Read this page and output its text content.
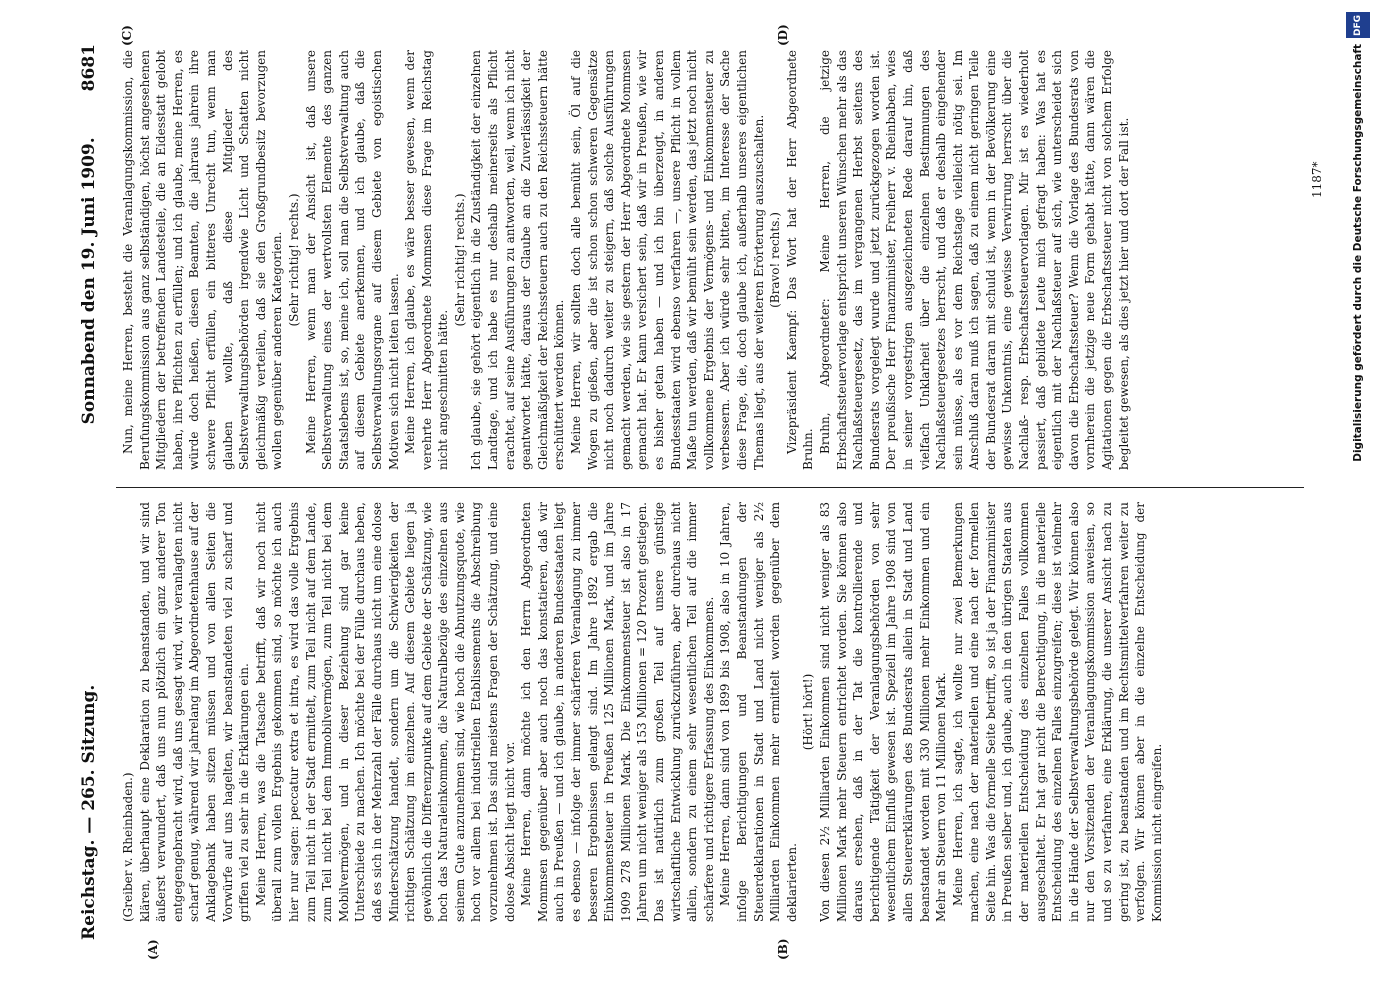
Reichstag. — 265. Sitzung.
Sonnabend den 19. Juni 1909.
8681
(A)	(B)
(C)	(D)

(Greiber v. Rheinbaden.) klären, überhaupt eine Deklaration zu beanstanden, und wir sind äußerst verwundert, daß uns nun plötzlich ein ganz anderer Ton entgegengebracht wird, daß uns gesagt wird, wir veranlagten nicht scharf genug, während wir jahrelang im Abgeordnetenhause auf der Anklagebank haben sitzen müssen und von allen Seiten die Vorwürfe auf uns hagelten, wir beanstandeten viel zu scharf und griffen viel zu sehr in die Erklärungen ein. Meine Herren, was die Tatsache betrifft, daß wir noch nicht überall zum vollen Ergebnis gekommen sind, so möchte ich auch hier nur sagen: peccatur extra et intra, es wird das volle Ergebnis zum Teil nicht in der Stadt ermittelt, zum Teil nicht auf dem Lande, zum Teil nicht bei dem Immobilvermögen, zum Teil nicht bei dem Mobilvermögen, und in dieser Beziehung sind gar keine Unterschiede zu machen. Ich möchte bei der Fülle durchaus heben, daß es sich in der Mehrzahl der Fälle durchaus nicht um eine dolose Minderschätzung handelt, sondern um die Schwierigkeiten der richtigen Schätzung im einzelnen. Auf diesem Gebiete liegen ja gewöhnlich die Differenzpunkte auf dem Gebiete der Schätzung, wie hoch das Naturaleinkommen, die Naturalbezüge des einzelnen aus seinem Gute anzunehmen sind, wie hoch die Abnutzungsquote, wie hoch vor allem bei industriellen Etablissements die Abschreibung vorzunehmen ist. Das sind meistens Fragen der Schätzung, und eine dolose Absicht liegt nicht vor. Meine Herren, dann möchte ich den Herrn Abgeordneten Mommsen gegenüber aber auch noch das konstatieren, daß wir auch in Preußen — und ich glaube, in anderen Bundesstaaten liegt es ebenso — infolge der immer schärferen Veranlagung zu immer besseren Ergebnissen gelangt sind. Im Jahre 1892 ergab die Einkommensteuer in Preußen 125 Millionen Mark, und im Jahre 1909 278 Millionen Mark. Die Einkommensteuer ist also in 17 Jahren um nicht weniger als 153 Millionen = 120 Prozent gestiegen. Das ist natürlich zum großen Teil auf unsere günstige wirtschaftliche Entwicklung zurückzuführen, aber durchaus nicht allein, sondern zu einem sehr wesentlichen Teil auf die immer schärfere und richtigere Erfassung des Einkommens. Meine Herren, dann sind von 1899 bis 1908, also in 10 Jahren, infolge Berichtigungen und Beanstandungen der Steuerdeklarationen in Stadt und Land nicht weniger als 2½ Milliarden Einkommen mehr ermittelt worden gegenüber dem deklarierten.

(Hört! hört!) Von diesen 2½ Milliarden Einkommen sind nicht weniger als 83 Millionen Mark mehr Steuern entrichtet worden. Sie können also daraus ersehen, daß in der Tat die kontrollierende und berichtigende Tätigkeit der Veranlagungsbehörden von sehr wesentlichem Einfluß gewesen ist. Speziell im Jahre 1908 sind von allen Steuererklärungen des Bundesrats allein in Stadt und Land beanstandet worden mit 330 Millionen mehr Einkommen und ein Mehr an Steuern von 11 Millionen Mark. Meine Herren, ich sagte, ich wollte nur zwei Bemerkungen machen, eine nach der materiellen und eine nach der formellen Seite hin. Was die formelle Seite betrifft, so ist ja der Finanzminister in Preußen selber und, ich glaube, auch in den übrigen Staaten aus der materiellen Entscheidung des einzelnen Falles vollkommen ausgeschaltet. Er hat gar nicht die Berechtigung, in die materielle Entscheidung des einzelnen Falles einzugreifen; diese ist vielmehr in die Hände der Selbstverwaltungsbehörde gelegt. Wir können also nur den Vorsitzenden der Veranlagungskommission anweisen, so und so zu verfahren, eine Erklärung, die unserer Ansicht nach zu gering ist, zu beanstanden und im Rechtsmittelverfahren weiter zu verfolgen. Wir können aber in die einzelne Entscheidung der Kommission nicht eingreifen.

Nun, meine Herren, besteht die Veranlagungskommission, die Berufungskommission aus ganz selbständigen, höchst angesehenen Mitgliedern der betreffenden Landesteile, die an Eidesstatt gelobt haben, ihre Pflichten zu erfüllen; und ich glaube, meine Herren, es würde doch heißen, diesen Beamten, die jahraus jahrein ihre schwere Pflicht erfüllen, ein bitteres Unrecht tun, wenn man glauben wollte, daß diese Mitglieder des Selbstverwaltungsbehörden irgendwie Licht und Schatten nicht gleichmäßig verteilen, daß sie den Großgrundbesitz bevorzugen wollen gegenüber anderen Kategorien. (Sehr richtig! rechts.) Meine Herren, wenn man der Ansicht ist, daß unsere Selbstverwaltung eines der wertvollsten Elemente des ganzen Staatslebens ist, so, meine ich, soll man die Selbstverwaltung auch auf diesem Gebiete anerkennen, und ich glaube, daß die Selbstverwaltungsorgane auf diesem Gebiete von egoistischen Motiven sich nicht leiten lassen. Meine Herren, ich glaube, es wäre besser gewesen, wenn der verehrte Herr Abgeordnete Mommsen diese Frage im Reichstag nicht angeschnitten hätte.

(Sehr richtig! rechts.) Ich glaube, sie gehört eigentlich in die Zuständigkeit der einzelnen Landtage, und ich habe es nur deshalb meinerseits als Pflicht erachtet, auf seine Ausführungen zu antworten, weil, wenn ich nicht geantwortet hätte, daraus der Glaube an die Zuverlässigkeit der Gleichmäßigkeit der Reichssteuern auch zu den Reichssteuern hätte erschüttert werden können. Meine Herren, wir sollten doch alle bemüht sein, Öl auf die Wogen zu gießen, aber die ist schon schon schweren Gegensätze nicht noch dadurch weiter zu steigern, daß solche Ausführungen gemacht werden, wie sie gestern der Herr Abgeordnete Mommsen gemacht hat. Er kann versichert sein, daß wir in Preußen, wie wir es bisher getan haben — und ich bin überzeugt, in anderen Bundesstaaten wird ebenso verfahren —, unsere Pflicht in vollem Maße tun werden, daß wir bemüht sein werden, das jetzt noch nicht vollkommene Ergebnis der Vermögens- und Einkommensteuer zu verbessern. Aber ich würde sehr bitten, im Interesse der Sache diese Frage, die, doch glaube ich, außerhalb unseres eigentlichen Themas liegt, aus der weiteren Erörterung auszuschalten. (Bravo! rechts.) Vizepräsident Kaempf: Das Wort hat der Herr Abgeordnete Bruhn. Bruhn, Abgeordneter: Meine Herren, die jetzige Erbschaftssteuervorlage entspricht unseren Wünschen mehr als das Nachlaßsteuergesetz, das im vergangenen Herbst seitens des Bundesrats vorgelegt wurde und jetzt zurückgezogen worden ist. Der preußische Herr Finanzminister, Freiherr v. Rheinbaben, wies in seiner vorgestrigen ausgezeichneten Rede darauf hin, daß vielfach Unklarheit über die einzelnen Bestimmungen des Nachlaßsteuergesetzes herrscht, und daß er deshalb eingehender sein müsse, als es vor dem Reichstage vielleicht nötig sei. Im Anschluß daran muß ich sagen, daß zu einem nicht geringen Teile der Bundesrat daran mit schuld ist, wenn in der Bevölkerung eine gewisse Unkenntnis, eine gewisse Verwirrung herrscht über die Nachlaß- resp. Erbschaftssteuervorlagen. Mir ist es wiederholt passiert, daß gebildete Leute mich gefragt haben: Was hat es eigentlich mit der Nachlaßsteuer auf sich, wie unterscheidet sich davon die Erbschaftssteuer? Wenn die Vorlage des Bundesrats von vornherein die jetzige neue Form gehabt hätte, dann wären die Agitationen gegen die Erbschaftssteuer nicht von solchem Erfolge begleitet gewesen, als dies jetzt hier und dort der Fall ist.	1187*
DFG
Digitalisierung gefördert durch die Deutsche Forschungsgemeinschaft
